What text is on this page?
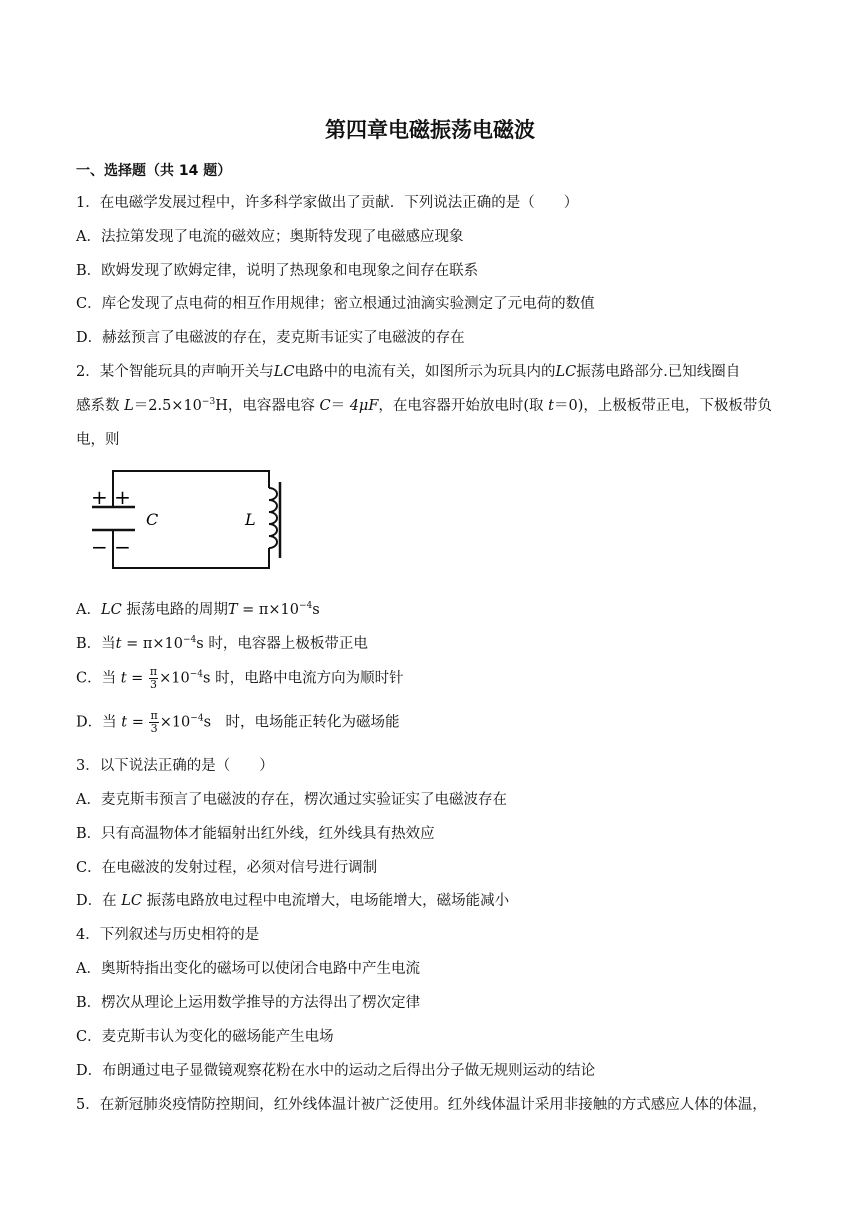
第四章电磁振荡电磁波
一、选择题（共 14 题）
1．在电磁学发展过程中，许多科学家做出了贡献．下列说法正确的是（　　）
A．法拉第发现了电流的磁效应；奥斯特发现了电磁感应现象
B．欧姆发现了欧姆定律，说明了热现象和电现象之间存在联系
C．库仑发现了点电荷的相互作用规律；密立根通过油滴实验测定了元电荷的数值
D．赫兹预言了电磁波的存在，麦克斯韦证实了电磁波的存在
2．某个智能玩具的声响开关与LC电路中的电流有关，如图所示为玩具内的LC振荡电路部分.已知线圈自
感系数 $L=2.5\times 10^{-3}H$，电容器电容 C＝ 4μF，在电容器开始放电时(取 t＝0)，上极板带正电，下极板带负
电，则
+ +
− −
C	L
A．LC 振荡电路的周期$T = \pi\times 10^{-4}s$
B．当$t = \pi\times 10^{-4}s$ 时，电容器上极板带正电
C．当 $t = \frac{\pi}{3} \times 10^{-4}s$ 时，电路中电流方向为顺时针
D．当 $t = \frac{\pi}{3} \times 10^{-4}s$　时，电场能正转化为磁场能
3．以下说法正确的是（　　）
A．麦克斯韦预言了电磁波的存在，楞次通过实验证实了电磁波存在
B．只有高温物体才能辐射出红外线，红外线具有热效应
C．在电磁波的发射过程，必须对信号进行调制
D．在 LC 振荡电路放电过程中电流增大，电场能增大，磁场能减小
4．下列叙述与历史相符的是
A．奥斯特指出变化的磁场可以使闭合电路中产生电流
B．楞次从理论上运用数学推导的方法得出了楞次定律
C．麦克斯韦认为变化的磁场能产生电场
D．布朗通过电子显微镜观察花粉在水中的运动之后得出分子做无规则运动的结论
5．在新冠肺炎疫情防控期间，红外线体温计被广泛使用。红外线体温计采用非接触的方式感应人体的体温，
